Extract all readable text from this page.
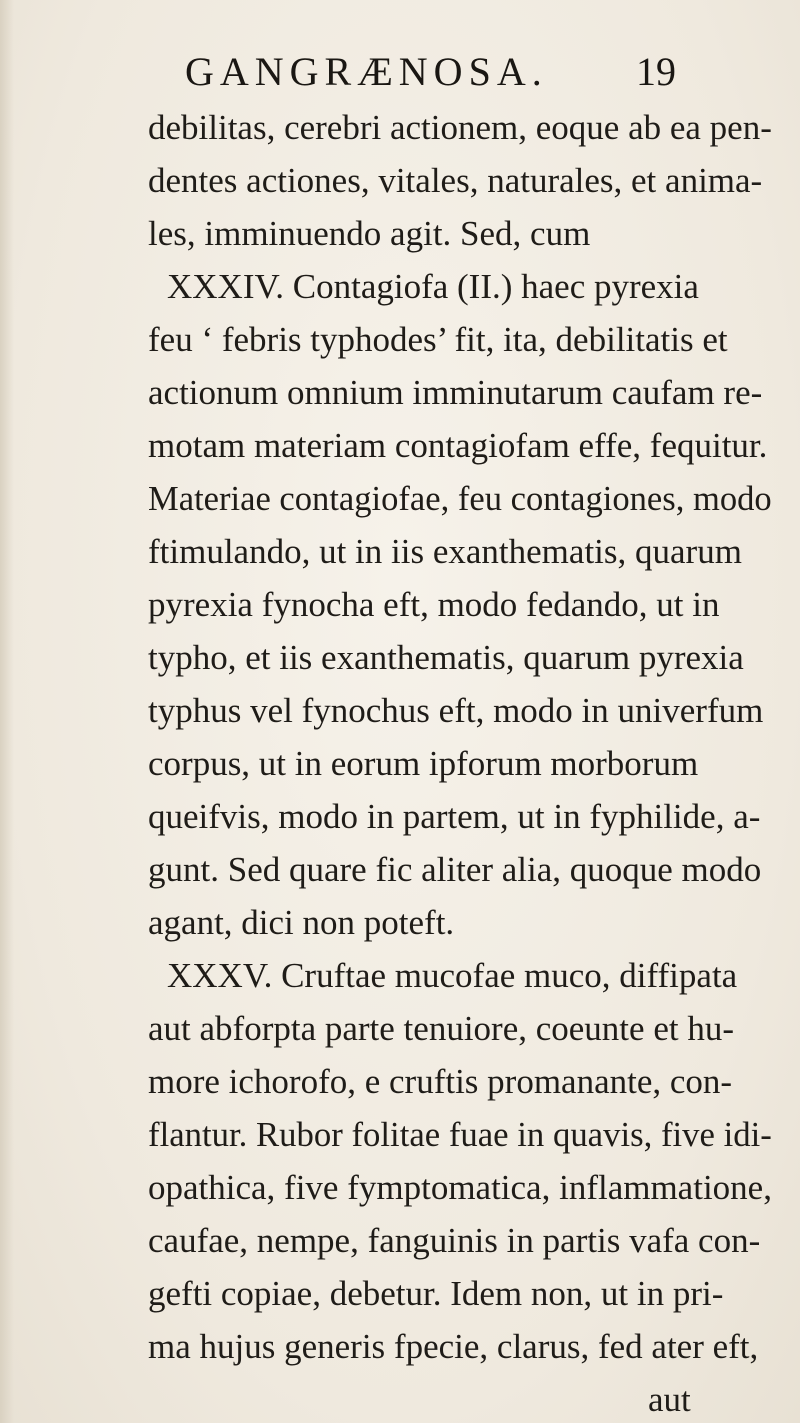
GANGRÆNOSA. 19
debilitas, cerebri actionem, eoque ab ea pen-
dentes actiones, vitales, naturales, et anima-
les, imminuendo agit. Sed, cum
XXXIV. Contagiofa (II.) haec pyrexia
feu ‘ febris typhodes’ fit, ita, debilitatis et
actionum omnium imminutarum caufam re-
motam materiam contagiofam effe, fequitur.
Materiae contagiofae, feu contagiones, modo
ftimulando, ut in iis exanthematis, quarum
pyrexia fynocha eft, modo fedando, ut in
typho, et iis exanthematis, quarum pyrexia
typhus vel fynochus eft, modo in univerfum
corpus, ut in eorum ipforum morborum
queifvis, modo in partem, ut in fyphilide, a-
gunt. Sed quare fic aliter alia, quoque modo
agant, dici non poteft.
XXXV. Cruftae mucofae muco, diffipata
aut abforpta parte tenuiore, coeunte et hu-
more ichorofo, e cruftis promanante, con-
flantur. Rubor folitae fuae in quavis, five idi-
opathica, five fymptomatica, inflammatione,
caufae, nempe, fanguinis in partis vafa con-
gefti copiae, debetur. Idem non, ut in pri-
ma hujus generis fpecie, clarus, fed ater eft,
aut
